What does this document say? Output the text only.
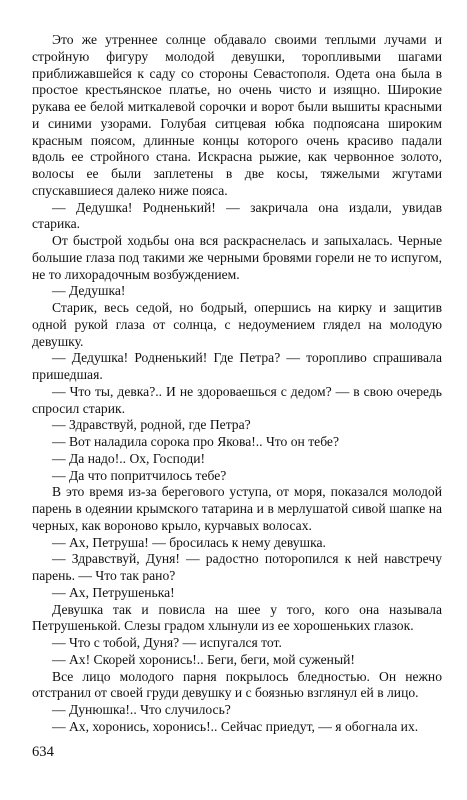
Это же утреннее солнце обдавало своими теплыми лучами и стройную фигуру молодой девушки, торопливыми шагами приближавшейся к саду со стороны Севастополя. Одета она была в простое крестьянское платье, но очень чисто и изящно. Широкие рукава ее белой миткалевой сорочки и ворот были вышиты красными и синими узорами. Голубая ситцевая юбка подпоясана широким красным поясом, длинные концы которого очень красиво падали вдоль ее стройного стана. Искрасна рыжие, как червонное золото, волосы ее были заплетены в две косы, тяжелыми жгутами спускавшиеся далеко ниже пояса.

— Дедушка! Родненький! — закричала она издали, увидав старика.

От быстрой ходьбы она вся раскраснелась и запыхалась. Черные большие глаза под такими же черными бровями горели не то испугом, не то лихорадочным возбуждением.

— Дедушка!

Старик, весь седой, но бодрый, опершись на кирку и защитив одной рукой глаза от солнца, с недоумением глядел на молодую девушку.

— Дедушка! Родненький! Где Петра? — торопливо спрашивала пришедшая.

— Что ты, девка?.. И не здороваешься с дедом? — в свою очередь спросил старик.

— Здравствуй, родной, где Петра?

— Вот наладила сорока про Якова!.. Что он тебе?

— Да надо!.. Ох, Господи!

— Да что попритчилось тебе?

В это время из-за берегового уступа, от моря, показался молодой парень в одеянии крымского татарина и в мерлушатой сивой шапке на черных, как вороново крыло, курчавых волосах.

— Ах, Петруша! — бросилась к нему девушка.

— Здравствуй, Дуня! — радостно поторопился к ней навстречу парень. — Что так рано?

— Ах, Петрушенька!

Девушка так и повисла на шее у того, кого она называла Петрушенькой. Слезы градом хлынули из ее хорошеньких глазок.

— Что с тобой, Дуня? — испугался тот.

— Ах! Скорей хоронись!.. Беги, беги, мой суженый!

Все лицо молодого парня покрылось бледностью. Он нежно отстранил от своей груди девушку и с боязнью взглянул ей в лицо.

— Дунюшка!.. Что случилось?

— Ах, хоронись, хоронись!.. Сейчас приедут, — я обогнала их.

634
